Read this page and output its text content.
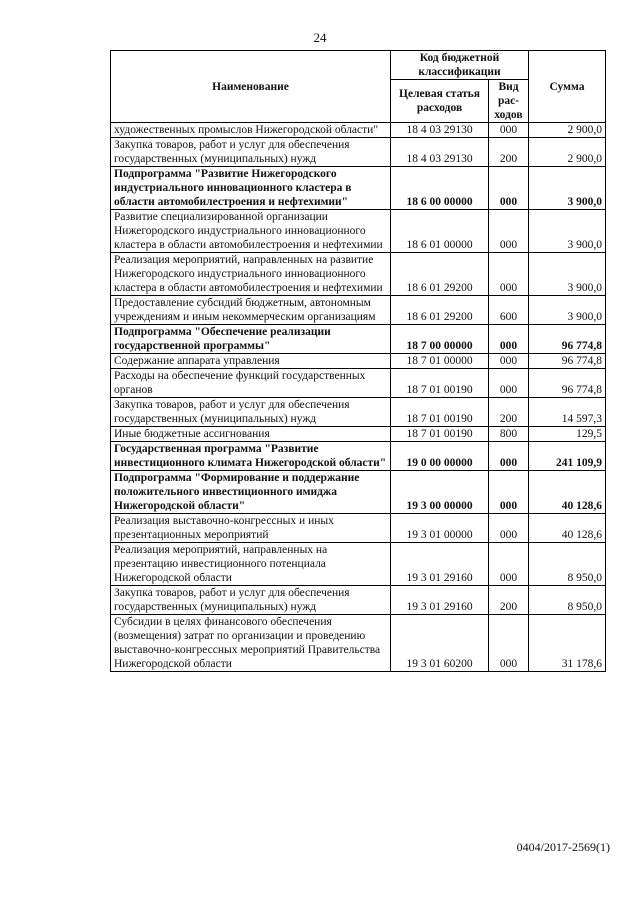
24
Наименование	Код бюджетной классификации		Сумма
	Целевая статья расходов	Вид рас-ходов	
художественных промыслов Нижегородской области"	18 4 03 29130	000	2 900,0
Закупка товаров, работ и услуг для обеспечения государственных (муниципальных) нужд	18 4 03 29130	200	2 900,0
Подпрограмма "Развитие Нижегородского индустриального инновационного кластера в области автомобилестроения и нефтехимии"	18 6 00 00000	000	3 900,0
Развитие специализированной организации Нижегородского индустриального инновационного кластера в области автомобилестроения и нефтехимии	18 6 01 00000	000	3 900,0
Реализация мероприятий, направленных на развитие Нижегородского индустриального инновационного кластера в области автомобилестроения и нефтехимии	18 6 01 29200	000	3 900,0
Предоставление субсидий бюджетным, автономным учреждениям и иным некоммерческим организациям	18 6 01 29200	600	3 900,0
Подпрограмма "Обеспечение реализации государственной программы"	18 7 00 00000	000	96 774,8
Содержание аппарата управления	18 7 01 00000	000	96 774,8
Расходы на обеспечение функций государственных органов	18 7 01 00190	000	96 774,8
Закупка товаров, работ и услуг для обеспечения государственных (муниципальных) нужд	18 7 01 00190	200	14 597,3
Иные бюджетные ассигнования	18 7 01 00190	800	129,5
Государственная программа "Развитие инвестиционного климата Нижегородской области"	19 0 00 00000	000	241 109,9
Подпрограмма "Формирование и поддержание положительного инвестиционного имиджа Нижегородской области"	19 3 00 00000	000	40 128,6
Реализация выставочно-конгрессных и иных презентационных мероприятий	19 3 01 00000	000	40 128,6
Реализация мероприятий, направленных на презентацию инвестиционного потенциала Нижегородской области	19 3 01 29160	000	8 950,0
Закупка товаров, работ и услуг для обеспечения государственных (муниципальных) нужд	19 3 01 29160	200	8 950,0
Субсидии в целях финансового обеспечения (возмещения) затрат по организации и проведению выставочно-конгрессных мероприятий Правительства Нижегородской области	19 3 01 60200	000	31 178,6
0404/2017-2569(1)
